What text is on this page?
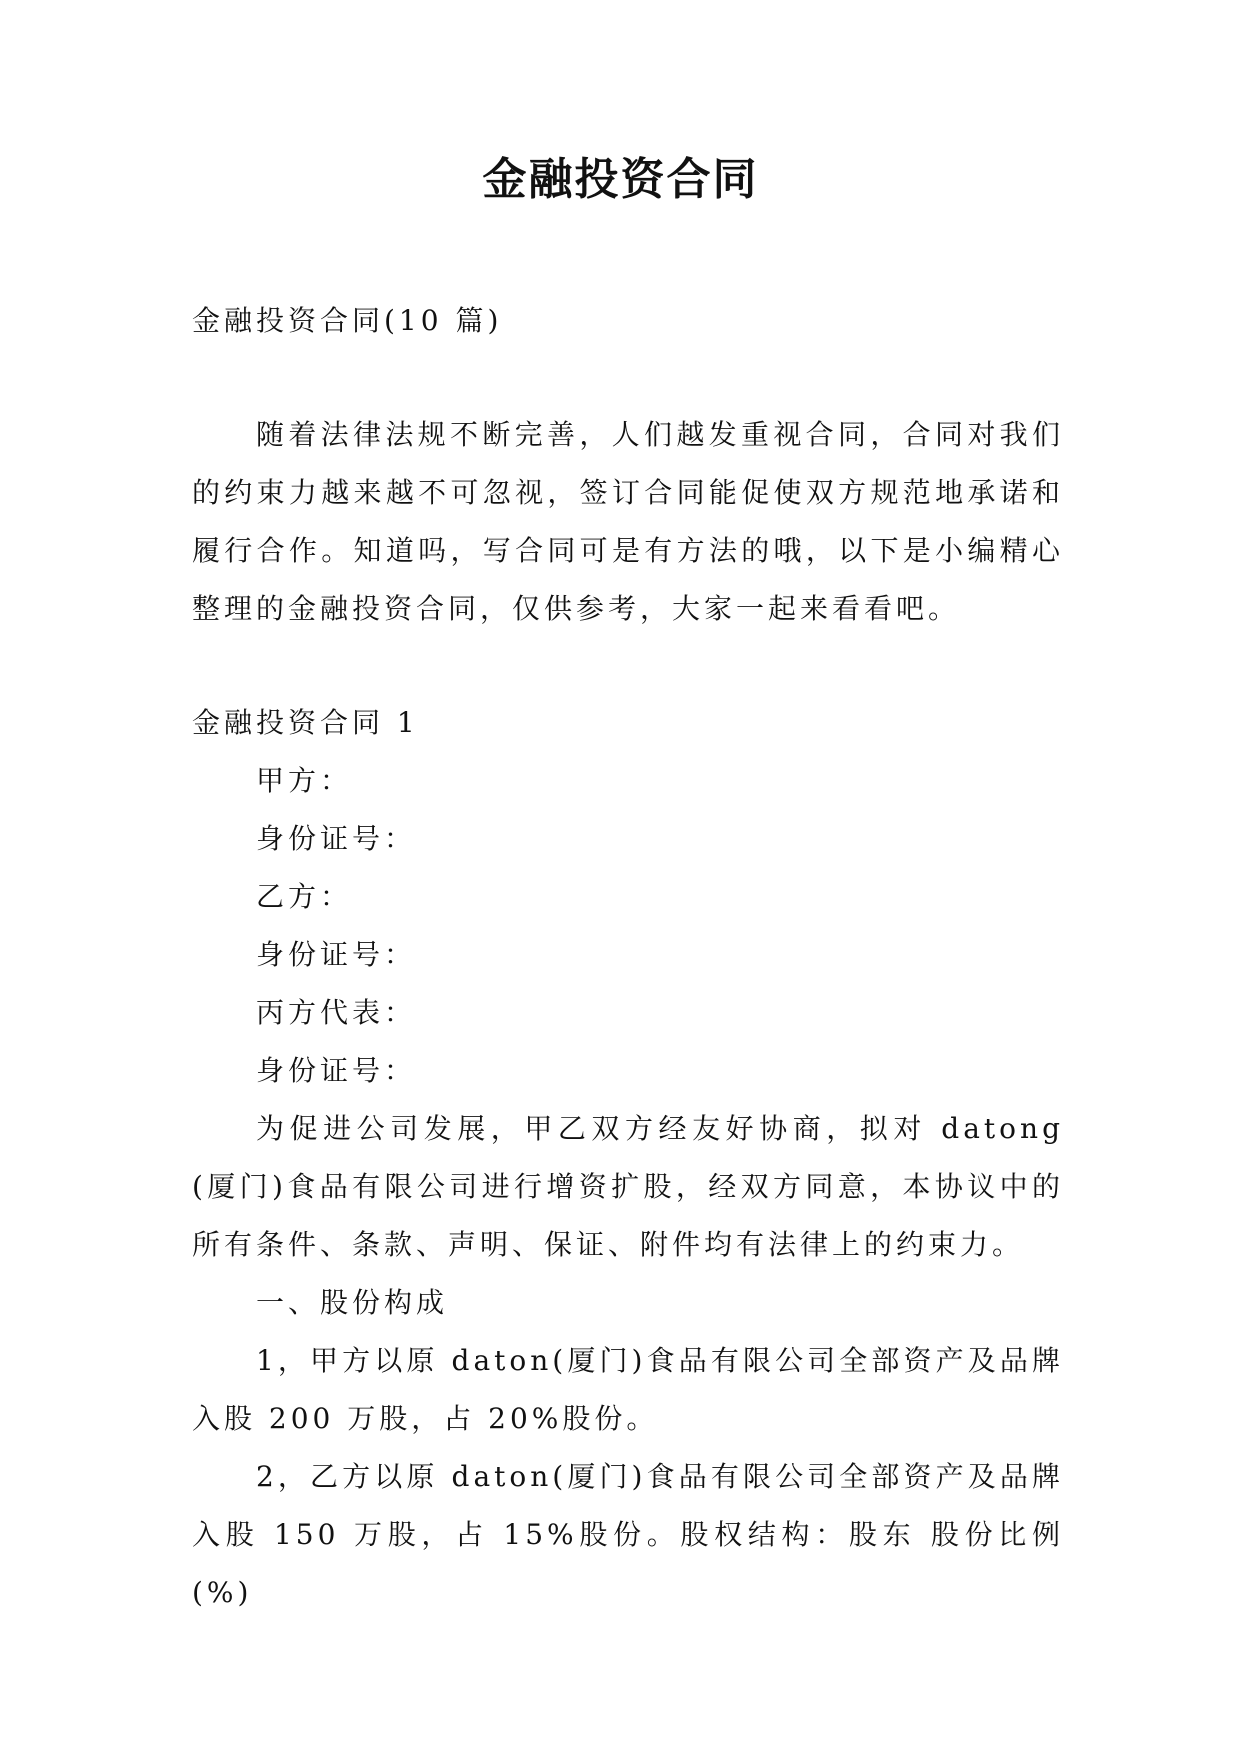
金融投资合同

金融投资合同(10 篇)

随着法律法规不断完善，人们越发重视合同，合同对我们的约束力越来越不可忽视，签订合同能促使双方规范地承诺和履行合作。知道吗，写合同可是有方法的哦，以下是小编精心整理的金融投资合同，仅供参考，大家一起来看看吧。

金融投资合同 1

甲方：

身份证号：

乙方：

身份证号：

丙方代表：

身份证号：

为促进公司发展，甲乙双方经友好协商，拟对 datong(厦门)食品有限公司进行增资扩股，经双方同意，本协议中的所有条件、条款、声明、保证、附件均有法律上的约束力。

一、股份构成

1，甲方以原 daton(厦门)食品有限公司全部资产及品牌入股 200 万股，占 20%股份。

2，乙方以原 daton(厦门)食品有限公司全部资产及品牌入股 150 万股，占 15%股份。股权结构：股东 股份比例(%)
